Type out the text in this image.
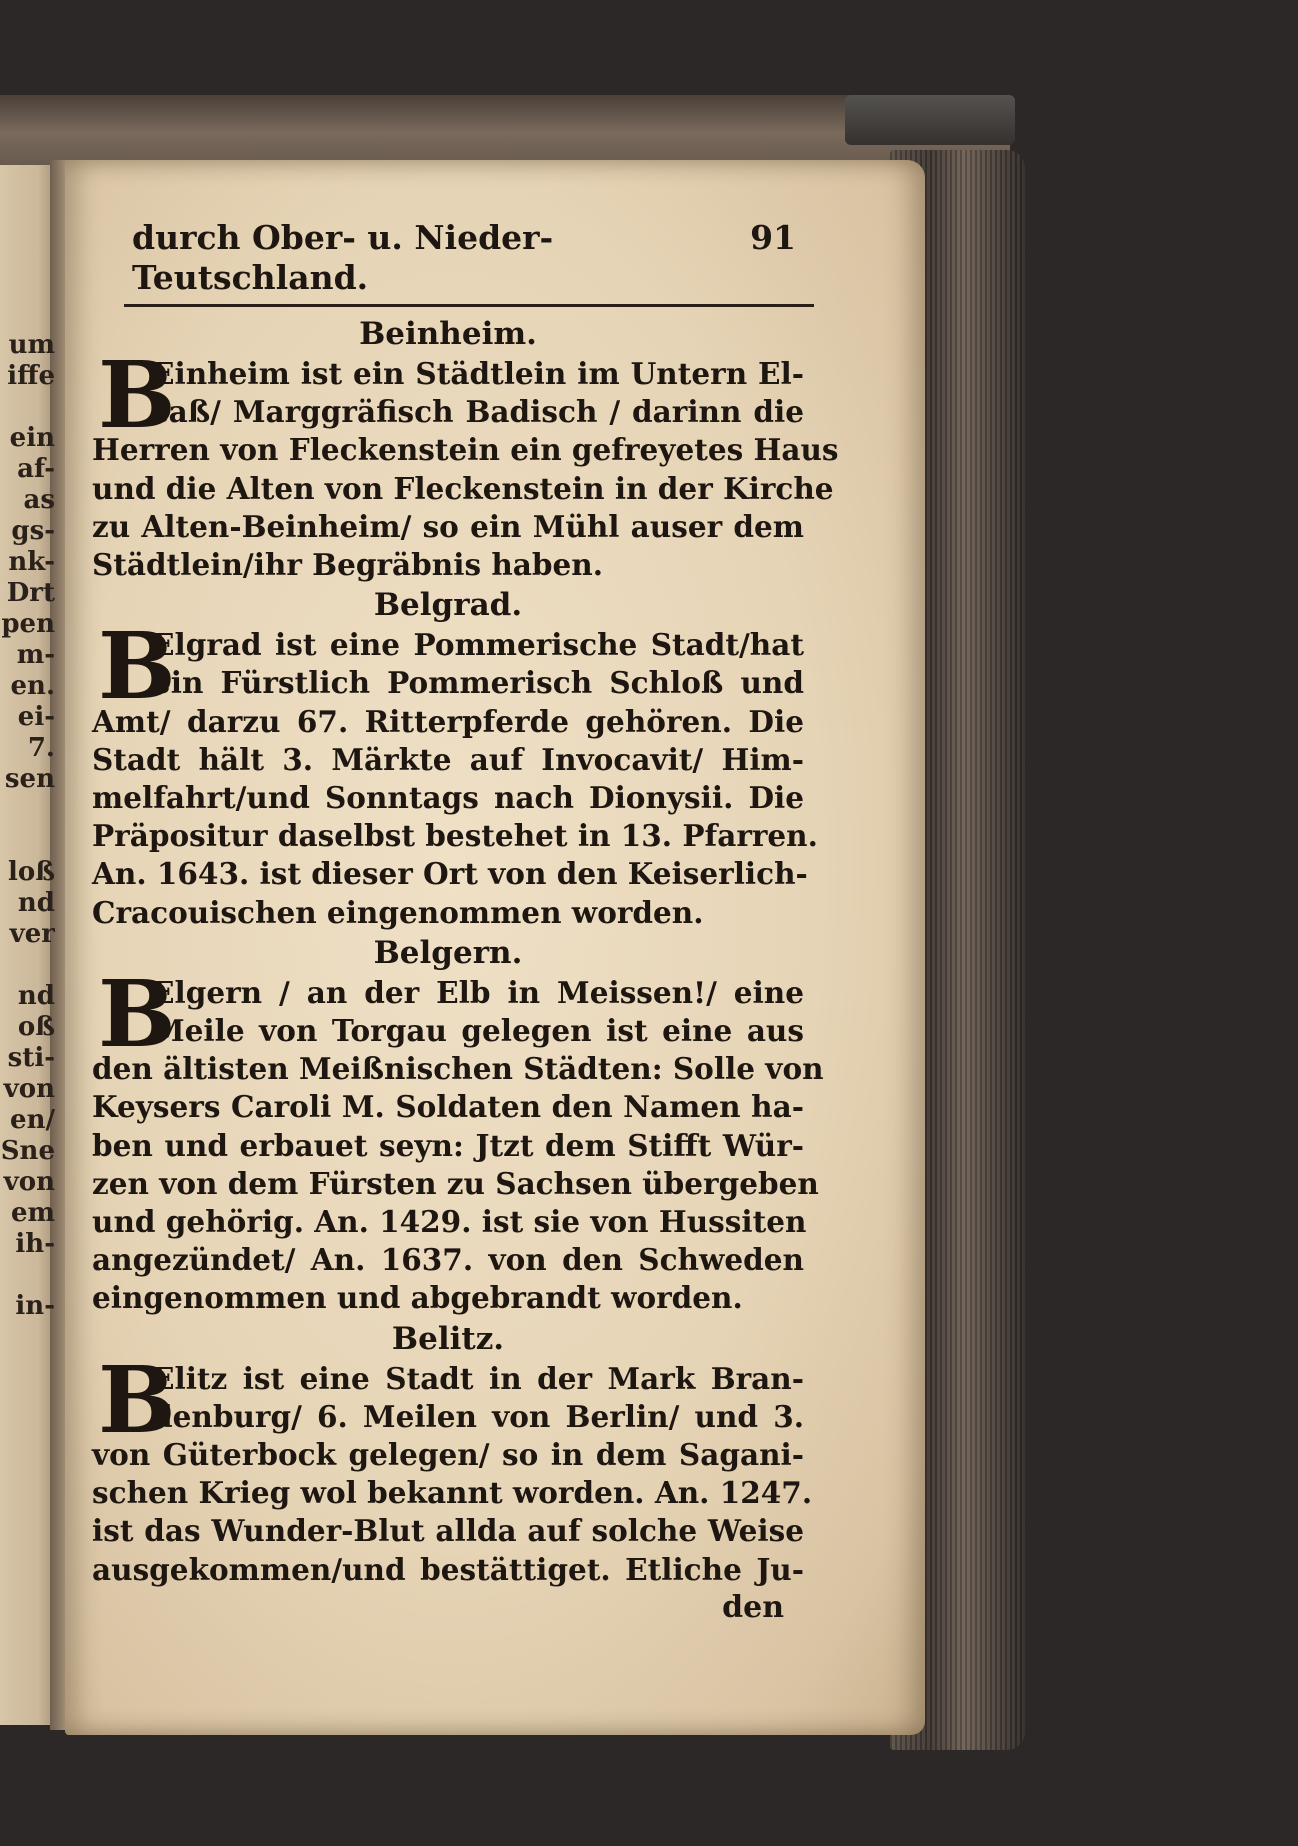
um
iffe
ein
af-
as
gs-
nk-
Drt
pen
m-
en.
ei-
7.
sen
loß
nd
ver
nd
oß
sti-
von
en/
Sne
von
em
ih-
in-
durch Ober- u. Nieder-Teutschland.
91
Beinheim.
B
Einheim ist ein Städtlein im Untern El-
saß/ Marggräfisch Badisch / darinn die
Herren von Fleckenstein ein gefreyetes Haus
und die Alten von Fleckenstein in der Kirche
zu Alten-Beinheim/ so ein Mühl auser dem
Städtlein/ihr Begräbnis haben.
Belgrad.
B
Elgrad ist eine Pommerische Stadt/hat
ein Fürstlich Pommerisch Schloß und
Amt/ darzu 67. Ritterpferde gehören. Die
Stadt hält 3. Märkte auf Invocavit/ Him-
melfahrt/und Sonntags nach Dionysii. Die
Präpositur daselbst bestehet in 13. Pfarren.
An. 1643. ist dieser Ort von den Keiserlich-
Cracouischen eingenommen worden.
Belgern.
B
Elgern / an der Elb in Meissen!/ eine
Meile von Torgau gelegen ist eine aus
den ältisten Meißnischen Städten: Solle von
Keysers Caroli M. Soldaten den Namen ha-
ben und erbauet seyn: Jtzt dem Stifft Wür-
zen von dem Fürsten zu Sachsen übergeben
und gehörig. An. 1429. ist sie von Hussiten
angezündet/ An. 1637. von den Schweden
eingenommen und abgebrandt worden.
Belitz.
B
Elitz ist eine Stadt in der Mark Bran-
denburg/ 6. Meilen von Berlin/ und 3.
von Güterbock gelegen/ so in dem Sagani-
schen Krieg wol bekannt worden. An. 1247.
ist das Wunder-Blut allda auf solche Weise
ausgekommen/und bestättiget. Etliche Ju-
den
